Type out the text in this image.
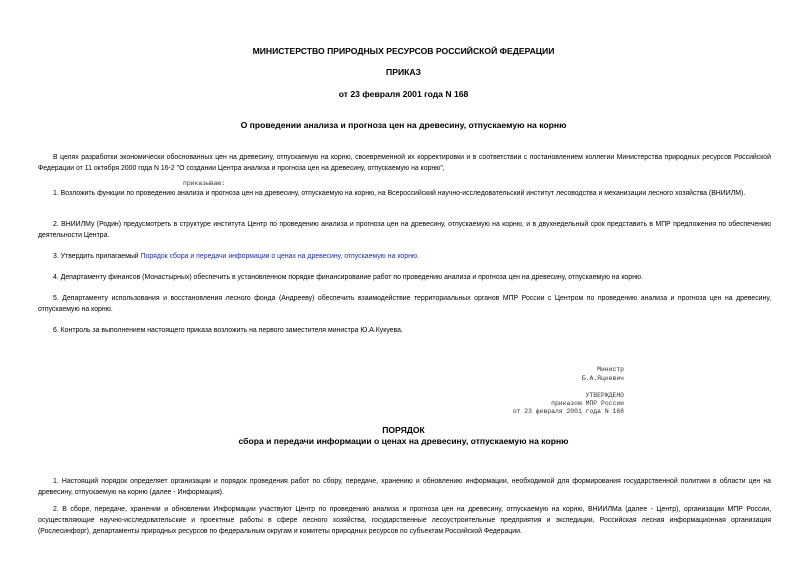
МИНИСТЕРСТВО ПРИРОДНЫХ РЕСУРСОВ РОССИЙСКОЙ ФЕДЕРАЦИИ
ПРИКАЗ
от 23 февраля 2001 года N 168
О проведении анализа и прогноза цен на древесину, отпускаемую на корню
В целях разработки экономически обоснованных цен на древесину, отпускаемую на корню, своевременной их корректировки и в соответствии с постановлением коллегии Министерства природных ресурсов Российской Федерации от 11 октября 2000 года N 16-2 "О создании Центра анализа и прогноза цен на древесину, отпускаемую на корню",
приказываю:
1. Возложить функции по проведению анализа и прогноза цен на древесину, отпускаемую на корню, на Всероссийский научно-исследовательский институт лесоводства и механизации лесного хозяйства (ВНИИЛМ).
2. ВНИИЛМу (Родин) предусмотреть в структуре института Центр по проведению анализа и прогноза цен на древесину, отпускаемую на корню, и в двухнедельный срок представить в МПР предложения по обеспечению деятельности Центра.
3. Утвердить прилагаемый Порядок сбора и передачи информации о ценах на древесину, отпускаемую на корню.
4. Департаменту финансов (Монастырных) обеспечить в установленном порядке финансирование работ по проведению анализа и прогноза цен на древесину, отпускаемую на корню.
5. Департаменту использования и восстановления лесного фонда (Андрееву) обеспечить взаимодействие территориальных органов МПР России с Центром по проведению анализа и прогноза цен на древесину, отпускаемую на корню.
6. Контроль за выполнением настоящего приказа возложить на первого заместителя министра Ю.А.Кукуева.
Министр
Б.А.Яцкевич
УТВЕРЖДЕНО
приказом МПР России
от 23 февраля 2001 года N 168
ПОРЯДОК
сбора и передачи информации о ценах на древесину, отпускаемую на корню
1. Настоящий порядок определяет организации и порядок проведения работ по сбору, передаче, хранению и обновлению информации, необходимой для формирования государственной политики в области цен на древесину, отпускаемую на корню (далее - Информация).
2. В сборе, передаче, хранении и обновлении Информации участвуют Центр по проведению анализа и прогноза цен на древесину, отпускаемую на корню, ВНИИЛМа (далее - Центр), организации МПР России, осуществляющие научно-исследовательские и проектные работы в сфере лесного хозяйства, государственные лесоустроительные предприятия и экспедиции, Российская лесная информационная организация (Рослесинфорг), департаменты природных ресурсов по федеральным округам и комитеты природных ресурсов по субъектам Российской Федерации.
